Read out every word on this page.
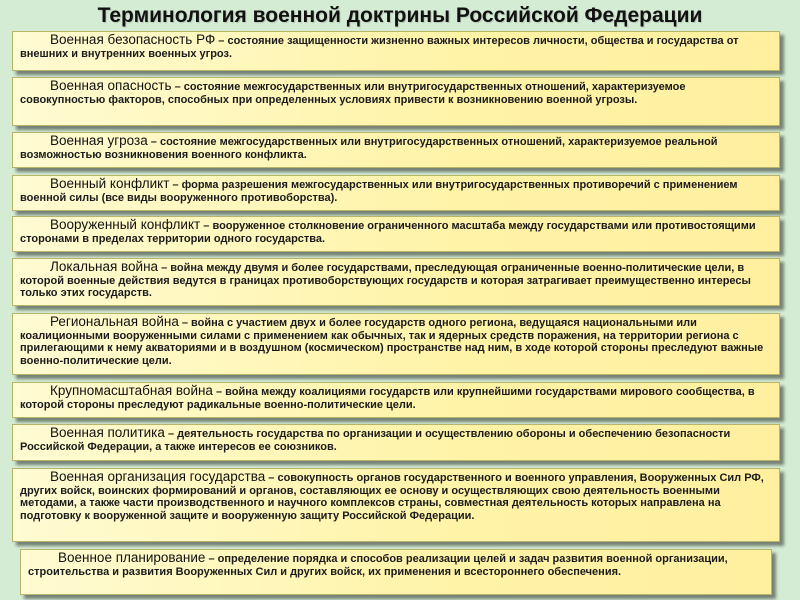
Терминология военной доктрины Российской Федерации
Военная безопасность РФ – состояние защищенности жизненно важных интересов личности, общества и государства от внешних и внутренних военных угроз.
Военная опасность – состояние межгосударственных или внутригосударственных отношений, характеризуемое совокупностью факторов, способных при определенных условиях привести к возникновению военной угрозы.
Военная угроза – состояние межгосударственных или внутригосударственных отношений, характеризуемое реальной возможностью возникновения военного конфликта.
Военный конфликт – форма разрешения межгосударственных или внутригосударственных противоречий с применением военной силы (все виды вооруженного противоборства).
Вооруженный конфликт – вооруженное столкновение ограниченного масштаба между государствами или противостоящими сторонами в пределах территории одного государства.
Локальная война – война между двумя и более государствами, преследующая ограниченные военно-политические цели, в которой военные действия ведутся в границах противоборствующих государств и которая затрагивает преимущественно интересы только этих государств.
Региональная война – война с участием двух и более государств одного региона, ведущаяся национальными или коалиционными вооруженными силами с применением как обычных, так и ядерных средств поражения, на территории региона с прилегающими к нему акваториями и в воздушном (космическом) пространстве над ним, в ходе которой стороны преследуют важные военно-политические цели.
Крупномасштабная война – война между коалициями государств или крупнейшими государствами мирового сообщества, в которой стороны преследуют радикальные военно-политические цели.
Военная политика – деятельность государства по организации и осуществлению обороны и обеспечению безопасности Российской Федерации, а также интересов ее союзников.
Военная организация государства – совокупность органов государственного и военного управления, Вооруженных Сил РФ, других войск, воинских формирований и органов, составляющих ее основу и осуществляющих свою деятельность военными методами, а также части производственного и научного комплексов страны, совместная деятельность которых направлена на подготовку к вооруженной защите и вооруженную защиту Российской Федерации.
Военное планирование – определение порядка и способов реализации целей и задач развития военной организации, строительства и развития Вооруженных Сил и других войск, их применения и всестороннего обеспечения.
